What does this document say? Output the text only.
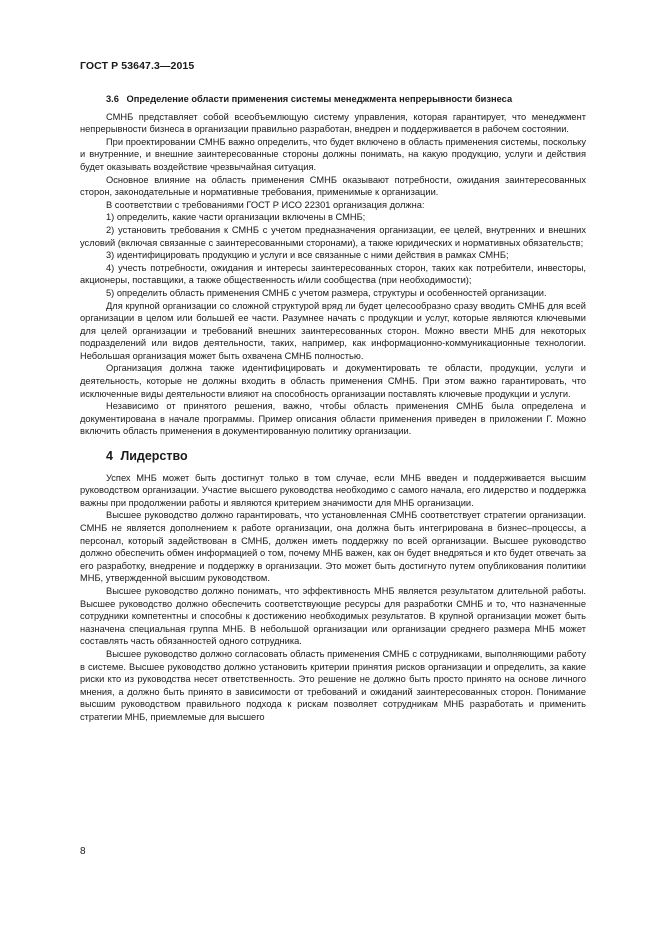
ГОСТ Р 53647.3—2015
3.6 Определение области применения системы менеджмента непрерывности бизнеса

СМНБ представляет собой всеобъемлющую систему управления, которая гарантирует, что менеджмент непрерывности бизнеса в организации правильно разработан, внедрен и поддерживается в рабочем состоянии.

При проектировании СМНБ важно определить, что будет включено в область применения системы, поскольку и внутренние, и внешние заинтересованные стороны должны понимать, на какую продукцию, услуги и действия будет оказывать воздействие чрезвычайная ситуация.

Основное влияние на область применения СМНБ оказывают потребности, ожидания заинтересованных сторон, законодательные и нормативные требования, применимые к организации.

В соответствии с требованиями ГОСТ Р ИСО 22301 организация должна:

1) определить, какие части организации включены в СМНБ;

2) установить требования к СМНБ с учетом предназначения организации, ее целей, внутренних и внешних условий (включая связанные с заинтересованными сторонами), а также юридических и нормативных обязательств;

3) идентифицировать продукцию и услуги и все связанные с ними действия в рамках СМНБ;

4) учесть потребности, ожидания и интересы заинтересованных сторон, таких как потребители, инвесторы, акционеры, поставщики, а также общественность и/или сообщества (при необходимости);

5) определить область применения СМНБ с учетом размера, структуры и особенностей организации.

Для крупной организации со сложной структурой вряд ли будет целесообразно сразу вводить СМНБ для всей организации в целом или большей ее части. Разумнее начать с продукции и услуг, которые являются ключевыми для целей организации и требований внешних заинтересованных сторон. Можно ввести МНБ для некоторых подразделений или видов деятельности, таких, например, как информационно-коммуникационные технологии. Небольшая организация может быть охвачена СМНБ полностью.

Организация должна также идентифицировать и документировать те области, продукции, услуги и деятельность, которые не должны входить в область применения СМНБ. При этом важно гарантировать, что исключенные виды деятельности влияют на способность организации поставлять ключевые продукции и услуги.

Независимо от принятого решения, важно, чтобы область применения СМНБ была определена и документирована в начале программы. Пример описания области применения приведен в приложении Г. Можно включить область применения в документированную политику организации.

4 Лидерство

Успех МНБ может быть достигнут только в том случае, если МНБ введен и поддерживается высшим руководством организации. Участие высшего руководства необходимо с самого начала, его лидерство и поддержка важны при продолжении работы и являются критерием значимости для МНБ организации.

Высшее руководство должно гарантировать, что установленная СМНБ соответствует стратегии организации. СМНБ не является дополнением к работе организации, она должна быть интегрирована в бизнес–процессы, а персонал, который задействован в СМНБ, должен иметь поддержку по всей организации. Высшее руководство должно обеспечить обмен информацией о том, почему МНБ важен, как он будет внедряться и кто будет отвечать за его разработку, внедрение и поддержку в организации. Это может быть достигнуто путем опубликования политики МНБ, утвержденной высшим руководством.

Высшее руководство должно понимать, что эффективность МНБ является результатом длительной работы. Высшее руководство должно обеспечить соответствующие ресурсы для разработки СМНБ и то, что назначенные сотрудники компетентны и способны к достижению необходимых результатов. В крупной организации может быть назначена специальная группа МНБ. В небольшой организации или организации среднего размера МНБ может составлять часть обязанностей одного сотрудника.

Высшее руководство должно согласовать область применения СМНБ с сотрудниками, выполняющими работу в системе. Высшее руководство должно установить критерии принятия рисков организации и определить, за какие риски кто из руководства несет ответственность. Это решение не должно быть просто принято на основе личного мнения, а должно быть принято в зависимости от требований и ожиданий заинтересованных сторон. Понимание высшим руководством правильного подхода к рискам позволяет сотрудникам МНБ разработать и применить стратегии МНБ, приемлемые для высшего

8
